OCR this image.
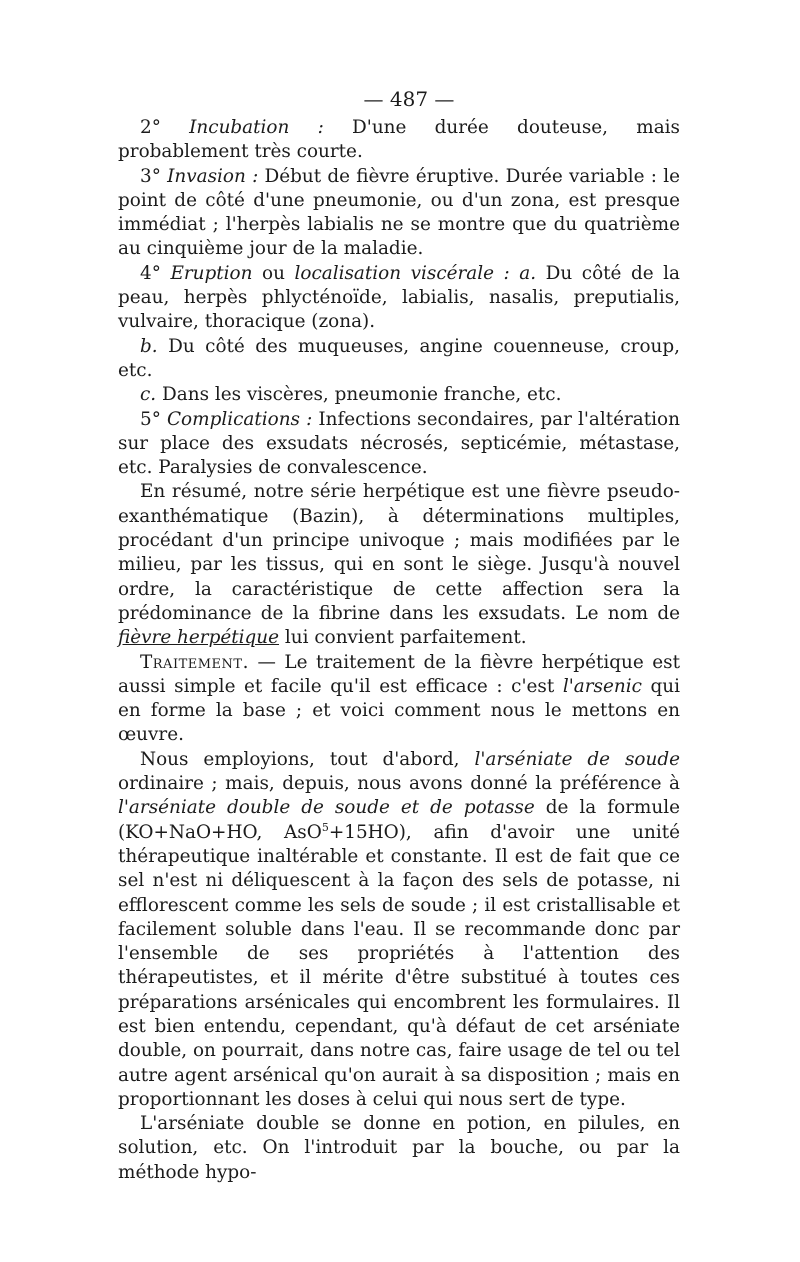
— 487 —

2° Incubation : D'une durée douteuse, mais probablement très courte.

3° Invasion : Début de fièvre éruptive. Durée variable : le point de côté d'une pneumonie, ou d'un zona, est presque immédiat ; l'herpès labialis ne se montre que du quatrième au cinquième jour de la maladie.

4° Eruption ou localisation viscérale : a. Du côté de la peau, herpès phlycténoïde, labialis, nasalis, preputialis, vulvaire, thoracique (zona).

b. Du côté des muqueuses, angine couenneuse, croup, etc.

c. Dans les viscères, pneumonie franche, etc.

5° Complications : Infections secondaires, par l'altération sur place des exsudats nécrosés, septicémie, métastase, etc. Paralysies de convalescence.

En résumé, notre série herpétique est une fièvre pseudo-exanthématique (Bazin), à déterminations multiples, procédant d'un principe univoque ; mais modifiées par le milieu, par les tissus, qui en sont le siège. Jusqu'à nouvel ordre, la caractéristique de cette affection sera la prédominance de la fibrine dans les exsudats. Le nom de fièvre herpétique lui convient parfaitement.

Traitement. — Le traitement de la fièvre herpétique est aussi simple et facile qu'il est efficace : c'est l'arsenic qui en forme la base ; et voici comment nous le mettons en œuvre.

Nous employions, tout d'abord, l'arséniate de soude ordinaire ; mais, depuis, nous avons donné la préférence à l'arséniate double de soude et de potasse de la formule (KO+NaO+HO, AsO$^5$+15HO), afin d'avoir une unité thérapeutique inaltérable et constante. Il est de fait que ce sel n'est ni déliquescent à la façon des sels de potasse, ni efflorescent comme les sels de soude ; il est cristallisable et facilement soluble dans l'eau. Il se recommande donc par l'ensemble de ses propriétés à l'attention des thérapeutistes, et il mérite d'être substitué à toutes ces préparations arsénicales qui encombrent les formulaires. Il est bien entendu, cependant, qu'à défaut de cet arséniate double, on pourrait, dans notre cas, faire usage de tel ou tel autre agent arsénical qu'on aurait à sa disposition ; mais en proportionnant les doses à celui qui nous sert de type.

L'arséniate double se donne en potion, en pilules, en solution, etc. On l'introduit par la bouche, ou par la méthode hypo-
